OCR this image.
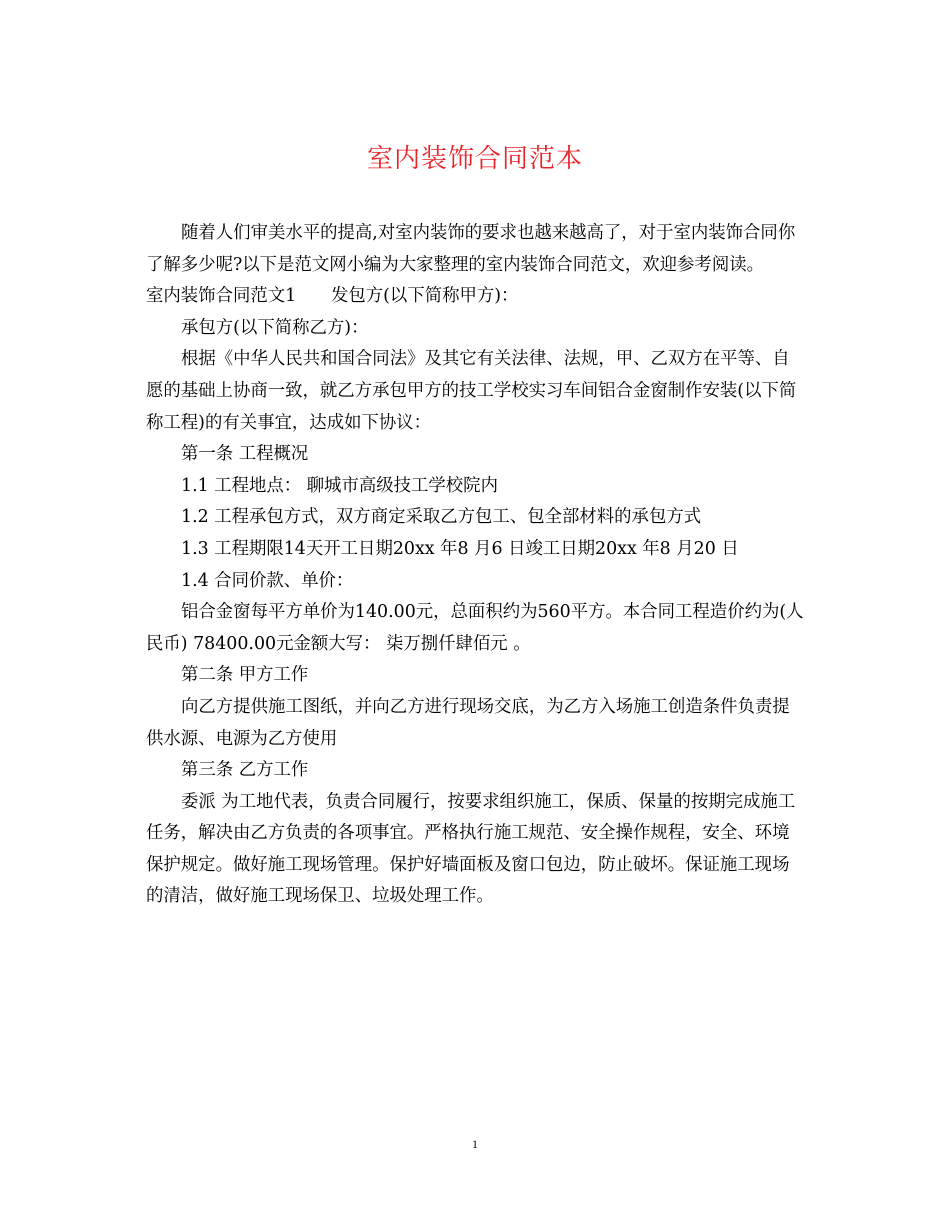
室内装饰合同范本

随着人们审美水平的提高,对室内装饰的要求也越来越高了，对于室内装饰合同你了解多少呢?以下是范文网小编为大家整理的室内装饰合同范文，欢迎参考阅读。

室内装饰合同范文1　　发包方(以下简称甲方)：

承包方(以下简称乙方)：

根据《中华人民共和国合同法》及其它有关法律、法规，甲、乙双方在平等、自愿的基础上协商一致，就乙方承包甲方的技工学校实习车间铝合金窗制作安装(以下简称工程)的有关事宜，达成如下协议：

第一条 工程概况

1.1 工程地点： 聊城市高级技工学校院内

1.2 工程承包方式，双方商定采取乙方包工、包全部材料的承包方式

1.3 工程期限14天开工日期20xx 年8 月6 日竣工日期20xx 年8 月20 日

1.4 合同价款、单价：

铝合金窗每平方单价为140.00元，总面积约为560平方。本合同工程造价约为(人民币) 78400.00元金额大写： 柒万捌仟肆佰元 。

第二条 甲方工作

向乙方提供施工图纸，并向乙方进行现场交底，为乙方入场施工创造条件负责提供水源、电源为乙方使用

第三条 乙方工作

委派 为工地代表，负责合同履行，按要求组织施工，保质、保量的按期完成施工任务，解决由乙方负责的各项事宜。严格执行施工规范、安全操作规程，安全、环境保护规定。做好施工现场管理。保护好墙面板及窗口包边，防止破坏。保证施工现场的清洁，做好施工现场保卫、垃圾处理工作。

1
